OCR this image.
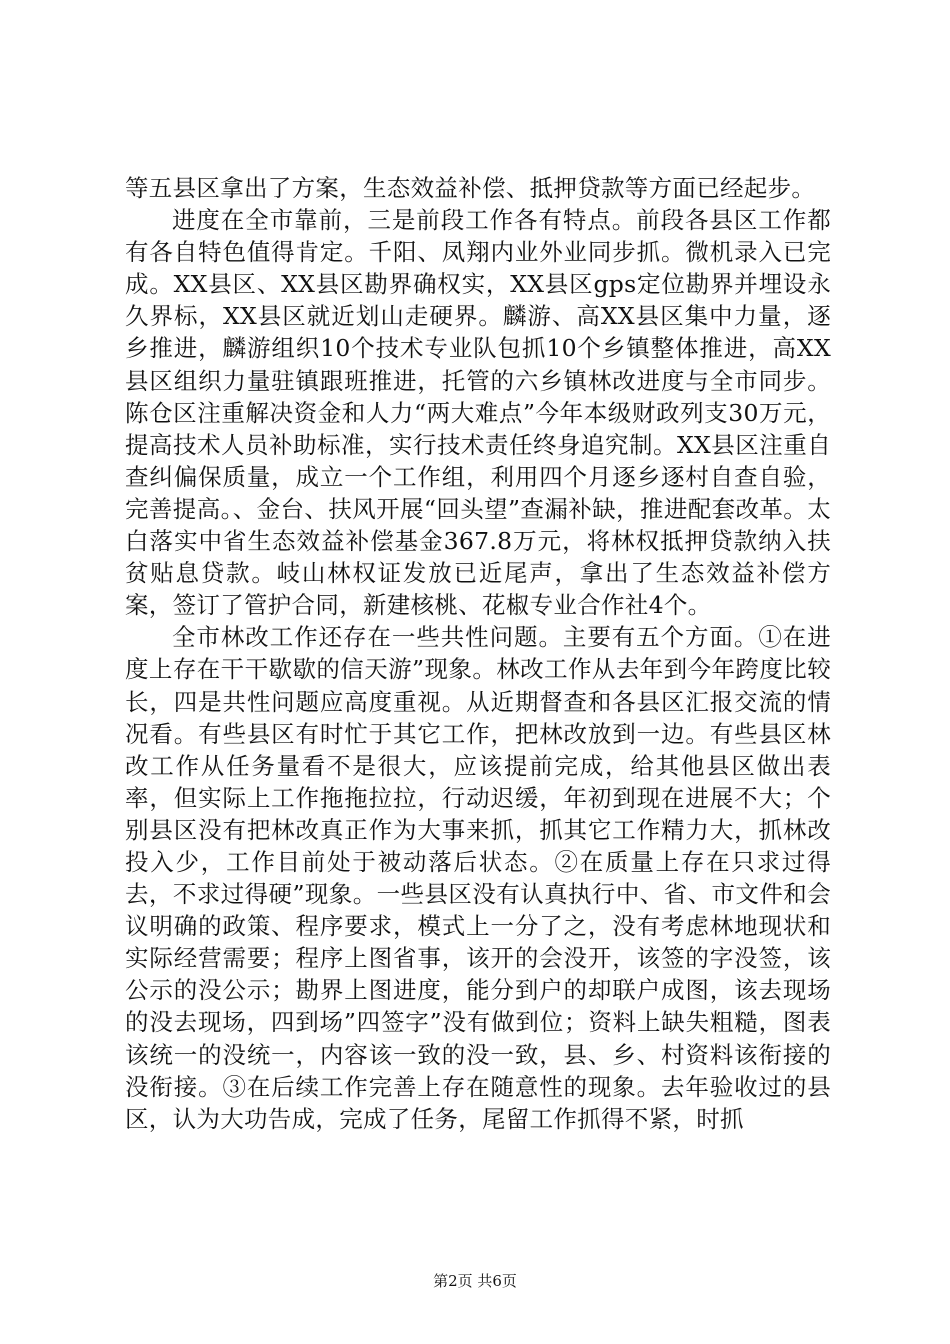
等五县区拿出了方案，生态效益补偿、抵押贷款等方面已经起步。

进度在全市靠前，三是前段工作各有特点。前段各县区工作都有各自特色值得肯定。千阳、凤翔内业外业同步抓。微机录入已完成。XX县区、XX县区勘界确权实，XX县区gps定位勘界并埋设永久界标，XX县区就近划山走硬界。麟游、高XX县区集中力量，逐乡推进，麟游组织10个技术专业队包抓10个乡镇整体推进，高XX县区组织力量驻镇跟班推进，托管的六乡镇林改进度与全市同步。陈仓区注重解决资金和人力“两大难点”今年本级财政列支30万元，提高技术人员补助标准，实行技术责任终身追究制。XX县区注重自查纠偏保质量，成立一个工作组，利用四个月逐乡逐村自查自验，完善提高。、金台、扶风开展“回头望”查漏补缺，推进配套改革。太白落实中省生态效益补偿基金367.8万元，将林权抵押贷款纳入扶贫贴息贷款。岐山林权证发放已近尾声，拿出了生态效益补偿方案，签订了管护合同，新建核桃、花椒专业合作社4个。

全市林改工作还存在一些共性问题。主要有五个方面。①在进度上存在干干歇歇的信天游”现象。林改工作从去年到今年跨度比较长，四是共性问题应高度重视。从近期督查和各县区汇报交流的情况看。有些县区有时忙于其它工作，把林改放到一边。有些县区林改工作从任务量看不是很大，应该提前完成，给其他县区做出表率，但实际上工作拖拖拉拉，行动迟缓，年初到现在进展不大；个别县区没有把林改真正作为大事来抓，抓其它工作精力大，抓林改投入少，工作目前处于被动落后状态。②在质量上存在只求过得去，不求过得硬”现象。一些县区没有认真执行中、省、市文件和会议明确的政策、程序要求，模式上一分了之，没有考虑林地现状和实际经营需要；程序上图省事，该开的会没开，该签的字没签，该公示的没公示；勘界上图进度，能分到户的却联户成图，该去现场的没去现场，四到场”四签字”没有做到位；资料上缺失粗糙，图表该统一的没统一，内容该一致的没一致，县、乡、村资料该衔接的没衔接。③在后续工作完善上存在随意性的现象。去年验收过的县区，认为大功告成，完成了任务，尾留工作抓得不紧，时抓

第2页 共6页
